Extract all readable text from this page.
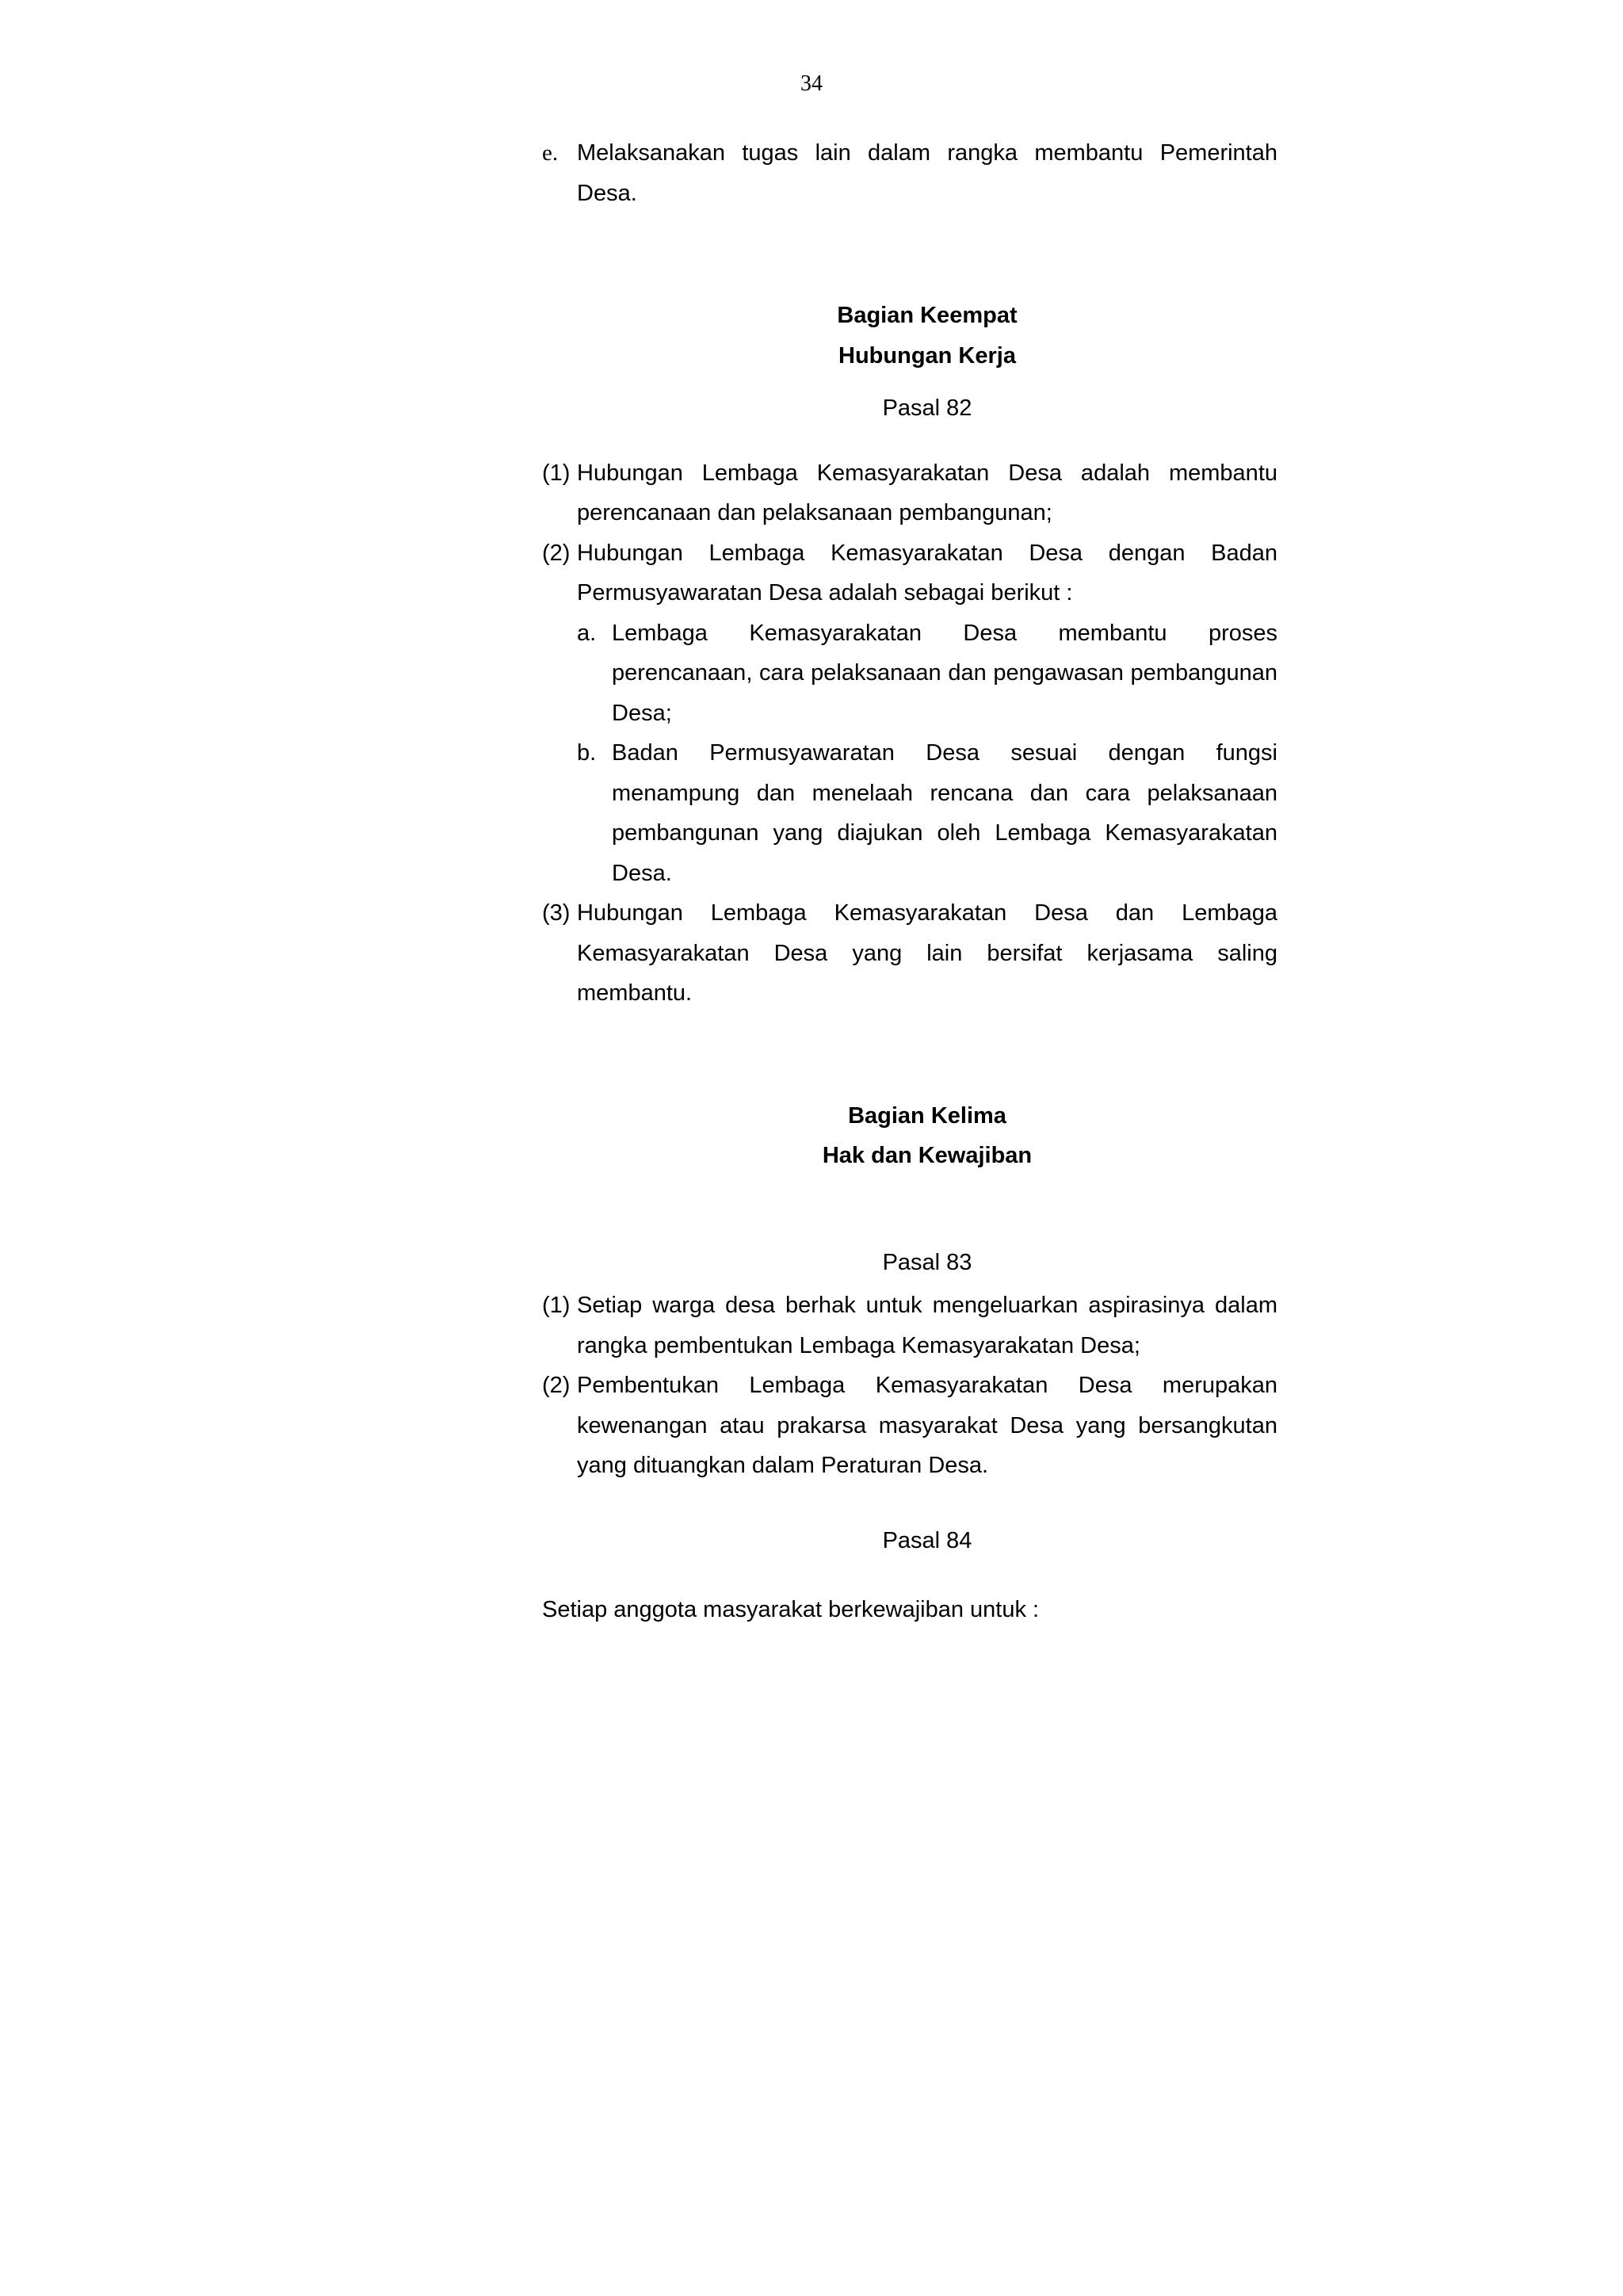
34
e. Melaksanakan tugas lain dalam rangka membantu Pemerintah Desa.
Bagian Keempat
Hubungan Kerja
Pasal 82
(1) Hubungan Lembaga Kemasyarakatan Desa adalah membantu perencanaan dan pelaksanaan pembangunan;
(2) Hubungan Lembaga Kemasyarakatan Desa dengan Badan Permusyawaratan Desa adalah sebagai berikut :
a. Lembaga Kemasyarakatan Desa membantu proses perencanaan, cara pelaksanaan dan pengawasan pembangunan Desa;
b. Badan Permusyawaratan Desa sesuai dengan fungsi menampung dan menelaah rencana dan cara pelaksanaan pembangunan yang diajukan oleh Lembaga Kemasyarakatan Desa.
(3) Hubungan Lembaga Kemasyarakatan Desa dan Lembaga Kemasyarakatan Desa yang lain bersifat kerjasama saling membantu.
Bagian Kelima
Hak dan Kewajiban
Pasal 83
(1) Setiap warga desa berhak untuk mengeluarkan aspirasinya dalam rangka pembentukan Lembaga Kemasyarakatan Desa;
(2) Pembentukan Lembaga Kemasyarakatan Desa merupakan kewenangan atau prakarsa masyarakat Desa yang bersangkutan yang dituangkan dalam Peraturan Desa.
Pasal 84
Setiap anggota masyarakat berkewajiban untuk :
